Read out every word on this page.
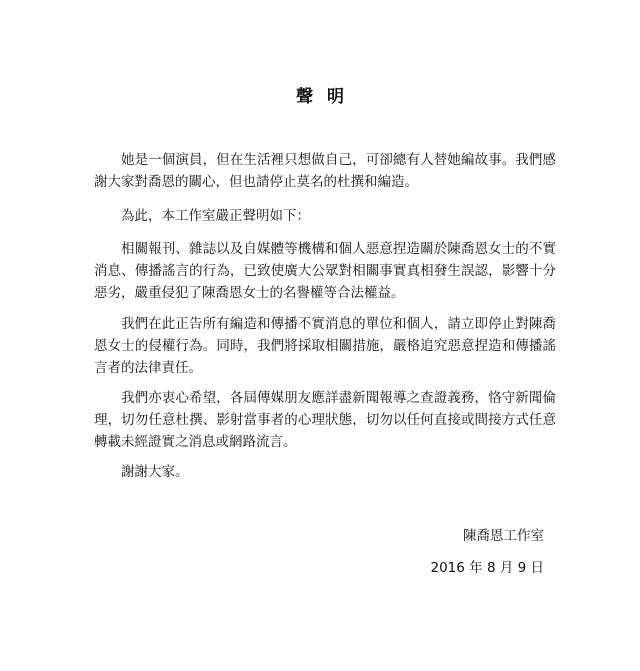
聲明

她是一個演員，但在生活裡只想做自己，可卻總有人替她編故事。我們感謝大家對喬恩的關心，但也請停止莫名的杜撰和編造。

為此，本工作室嚴正聲明如下：

相關報刊、雜誌以及自媒體等機構和個人惡意捏造關於陳喬恩女士的不實消息、傳播謠言的行為，已致使廣大公眾對相關事實真相發生誤認，影響十分惡劣，嚴重侵犯了陳喬恩女士的名譽權等合法權益。

我們在此正告所有編造和傳播不實消息的單位和個人，請立即停止對陳喬恩女士的侵權行為。同時，我們將採取相關措施，嚴格追究惡意捏造和傳播謠言者的法律責任。

我們亦衷心希望，各屆傳媒朋友應詳盡新聞報導之查證義務，恪守新聞倫理，切勿任意杜撰、影射當事者的心理狀態，切勿以任何直接或間接方式任意轉載未經證實之消息或網路流言。

謝謝大家。

陳喬恩工作室
2016 年 8 月 9 日
